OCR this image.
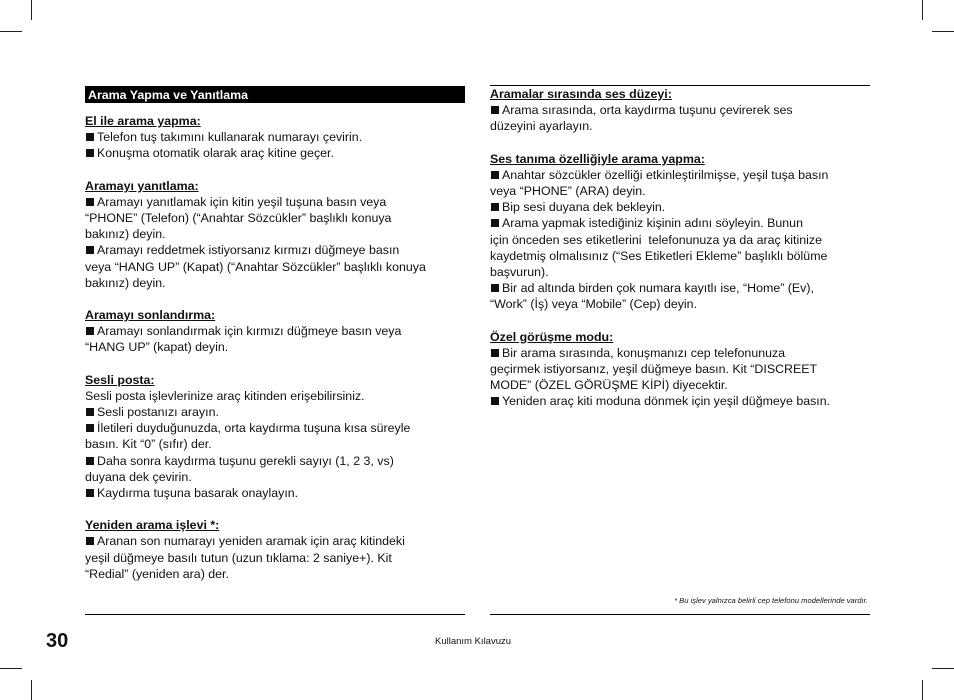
Arama Yapma ve Yanıtlama
El ile arama yapma:
Telefon tuş takımını kullanarak numarayı çevirin.
Konuşma otomatik olarak araç kitine geçer.
Aramayı yanıtlama:
Aramayı yanıtlamak için kitin yeşil tuşuna basın veya
“PHONE” (Telefon) (“Anahtar Sözcükler” başlıklı konuya
bakınız) deyin.
Aramayı reddetmek istiyorsanız kırmızı düğmeye basın
veya “HANG UP” (Kapat) (“Anahtar Sözcükler” başlıklı konuya
bakınız) deyin.
Aramayı sonlandırma:
Aramayı sonlandırmak için kırmızı düğmeye basın veya
“HANG UP” (kapat) deyin.
Sesli posta:
Sesli posta işlevlerinize araç kitinden erişebilirsiniz.
Sesli postanızı arayın.
İletileri duyduğunuzda, orta kaydırma tuşuna kısa süreyle
basın. Kit “0” (sıfır) der.
Daha sonra kaydırma tuşunu gerekli sayıyı (1, 2 3, vs)
duyana dek çevirin.
Kaydırma tuşuna basarak onaylayın.
Yeniden arama işlevi *:
Aranan son numarayı yeniden aramak için araç kitindeki
yeşil düğmeye basılı tutun (uzun tıklama: 2 saniye+). Kit
“Redial” (yeniden ara) der.
Aramalar sırasında ses düzeyi:
Arama sırasında, orta kaydırma tuşunu çevirerek ses
düzeyini ayarlayın.
Ses tanıma özelliğiyle arama yapma:
Anahtar sözcükler özelliği etkinleştirilmişse, yeşil tuşa basın
veya “PHONE” (ARA) deyin.
Bip sesi duyana dek bekleyin.
Arama yapmak istediğiniz kişinin adını söyleyin. Bunun
için önceden ses etiketlerini  telefonunuza ya da araç kitinize
kaydetmiş olmalısınız (“Ses Etiketleri Ekleme” başlıklı bölüme
başvurun).
Bir ad altında birden çok numara kayıtlı ise, “Home” (Ev),
“Work” (İş) veya “Mobile” (Cep) deyin.
Özel görüşme modu:
Bir arama sırasında, konuşmanızı cep telefonunuza
geçirmek istiyorsanız, yeşil düğmeye basın. Kit “DISCREET
MODE” (ÖZEL GÖRÜŞME KİPİ) diyecektir.
Yeniden araç kiti moduna dönmek için yeşil düğmeye basın.
* Bu işlev yalnızca belirli cep telefonu modellerinde vardır.
30	Kullanım Kılavuzu
